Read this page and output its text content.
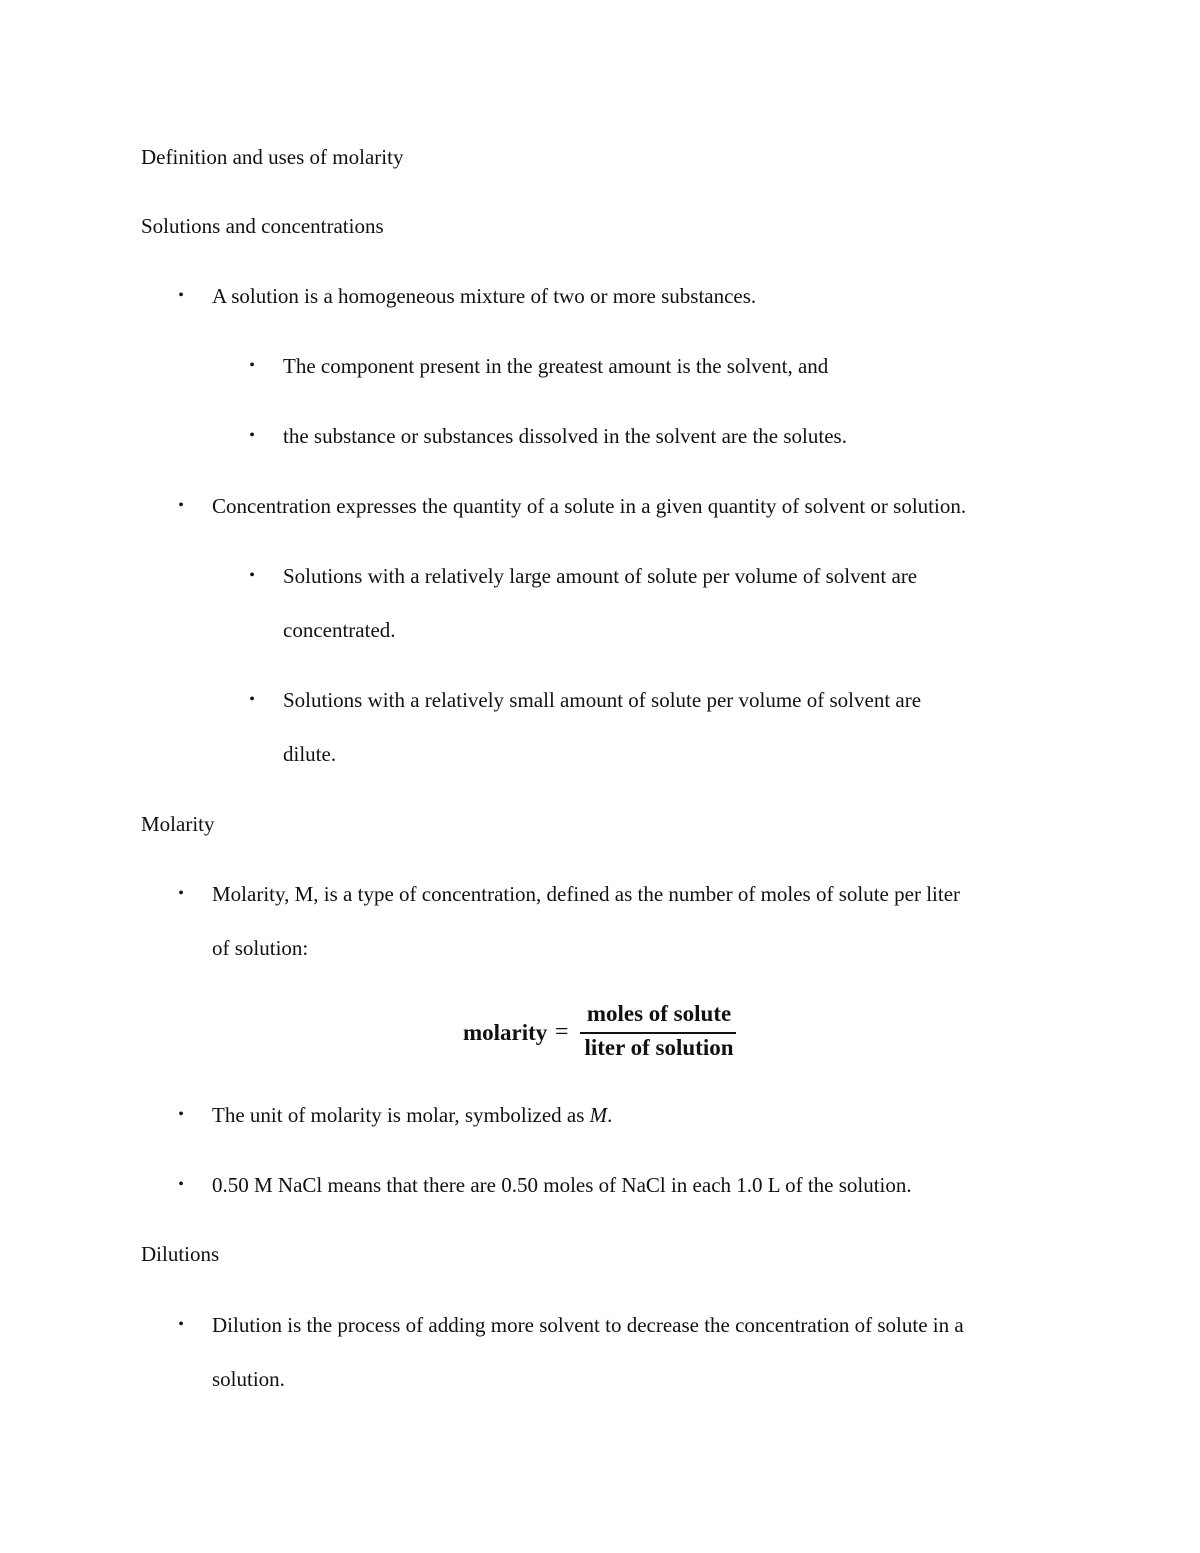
Definition and uses of molarity
Solutions and concentrations
• A solution is a homogeneous mixture of two or more substances.
• The component present in the greatest amount is the solvent, and
• the substance or substances dissolved in the solvent are the solutes.
• Concentration expresses the quantity of a solute in a given quantity of solvent or solution.
• Solutions with a relatively large amount of solute per volume of solvent are
concentrated.
• Solutions with a relatively small amount of solute per volume of solvent are
dilute.
Molarity
• Molarity, M, is a type of concentration, defined as the number of moles of solute per liter
of solution:
molarity =
moles of solute
liter of solution
• The unit of molarity is molar, symbolized as M.
• 0.50 M NaCl means that there are 0.50 moles of NaCl in each 1.0 L of the solution.
Dilutions
• Dilution is the process of adding more solvent to decrease the concentration of solute in a
solution.
